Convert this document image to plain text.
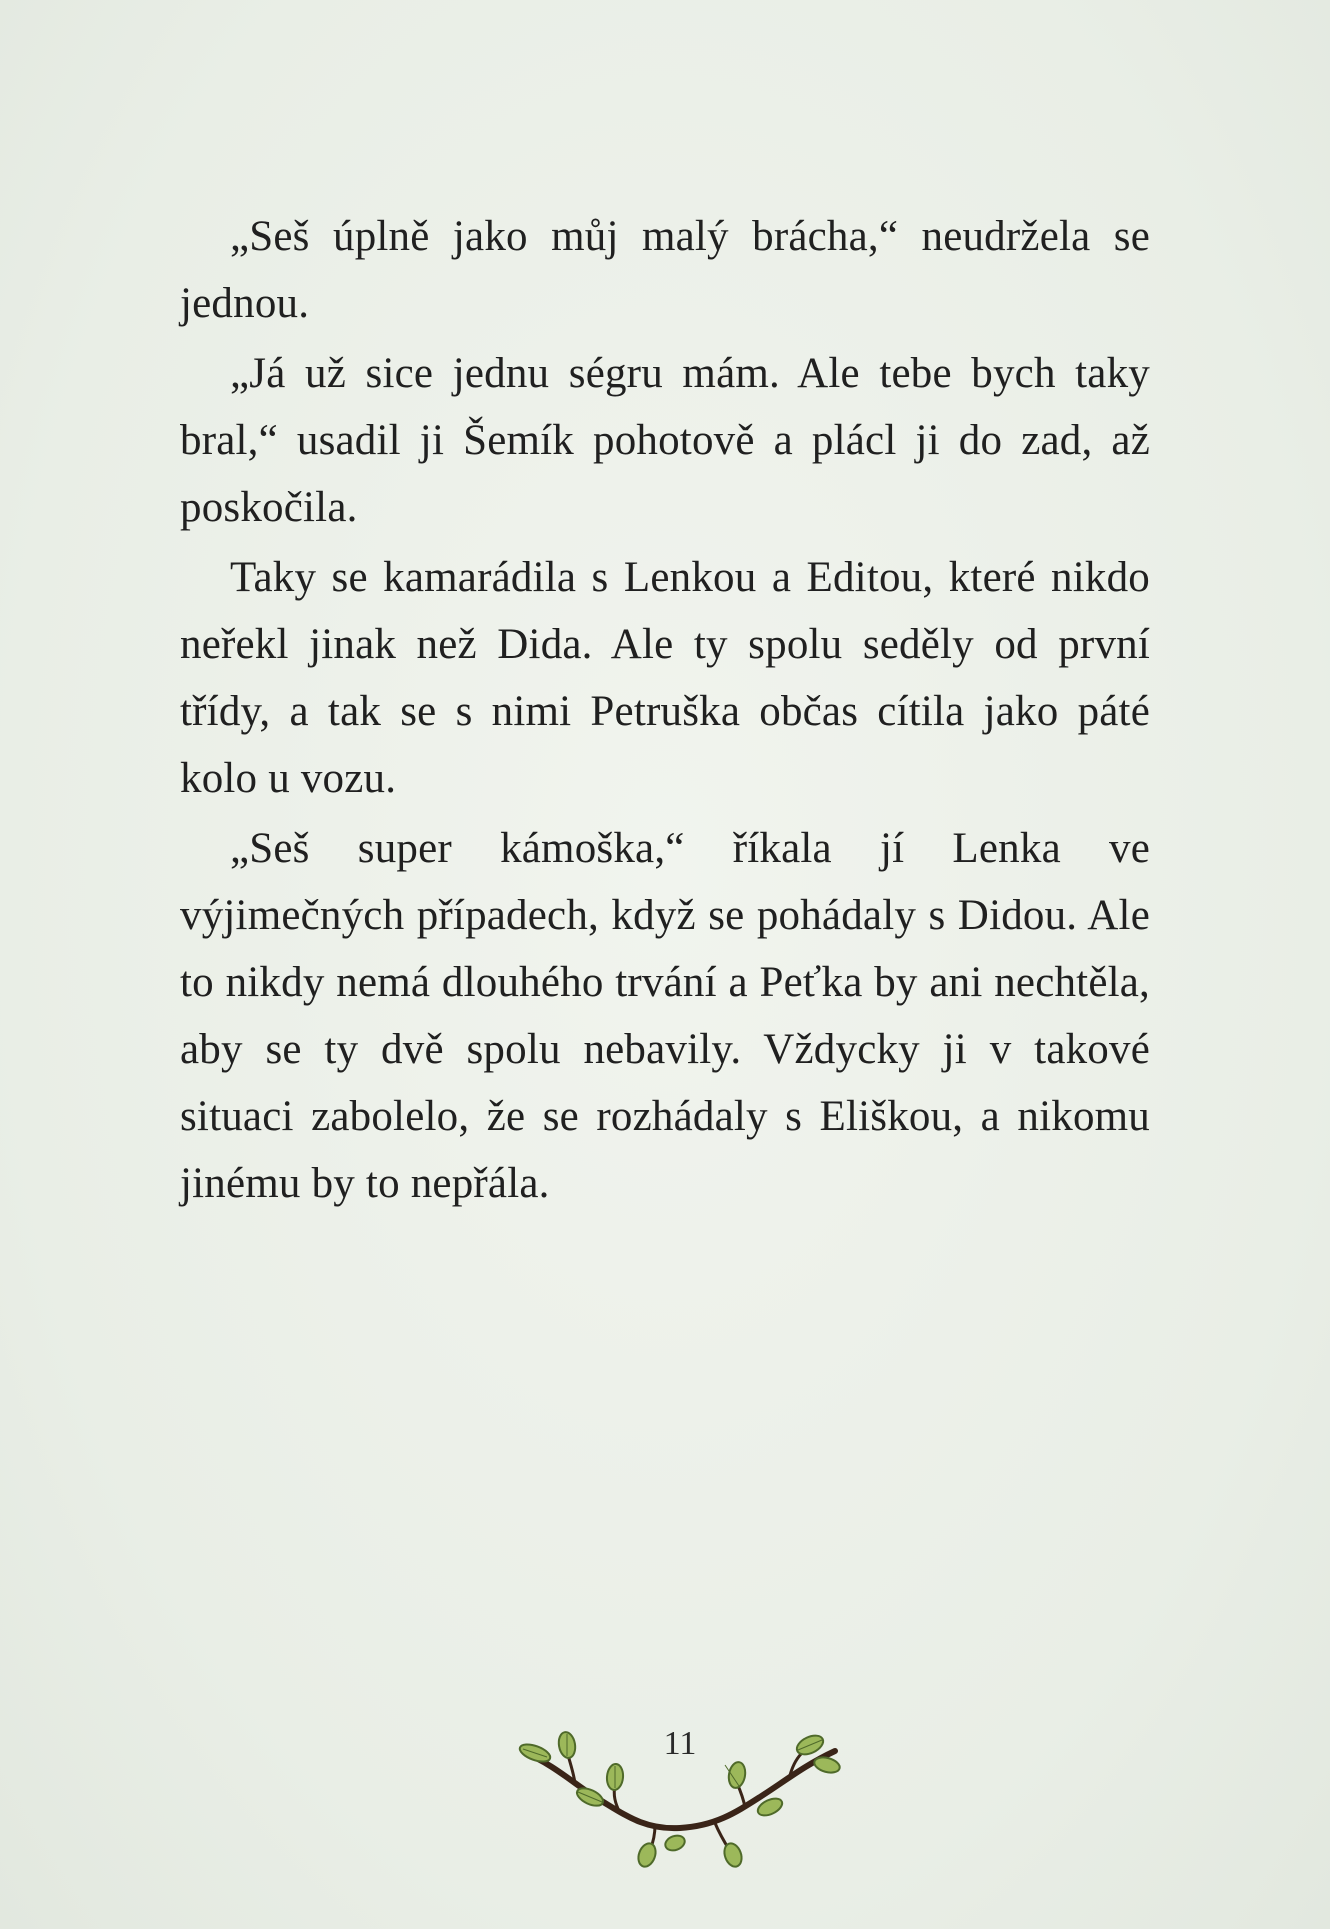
„Seš úplně jako můj malý brácha,“ neudržela se jednou.

„Já už sice jednu ségru mám. Ale tebe bych taky bral,“ usadil ji Šemík pohotově a plácl ji do zad, až poskočila.

Taky se kamarádila s Lenkou a Editou, které nikdo neřekl jinak než Dida. Ale ty spolu seděly od první třídy, a tak se s nimi Petruška občas cítila jako páté kolo u vozu.

„Seš super kámoška,“ říkala jí Lenka ve výjimečných případech, když se pohádaly s Didou. Ale to nikdy nemá dlouhého trvání a Peťka by ani nechtěla, aby se ty dvě spolu nebavily. Vždycky ji v takové situaci zabolelo, že se rozhádaly s Eliškou, a nikomu jinému by to nepřála.

11
